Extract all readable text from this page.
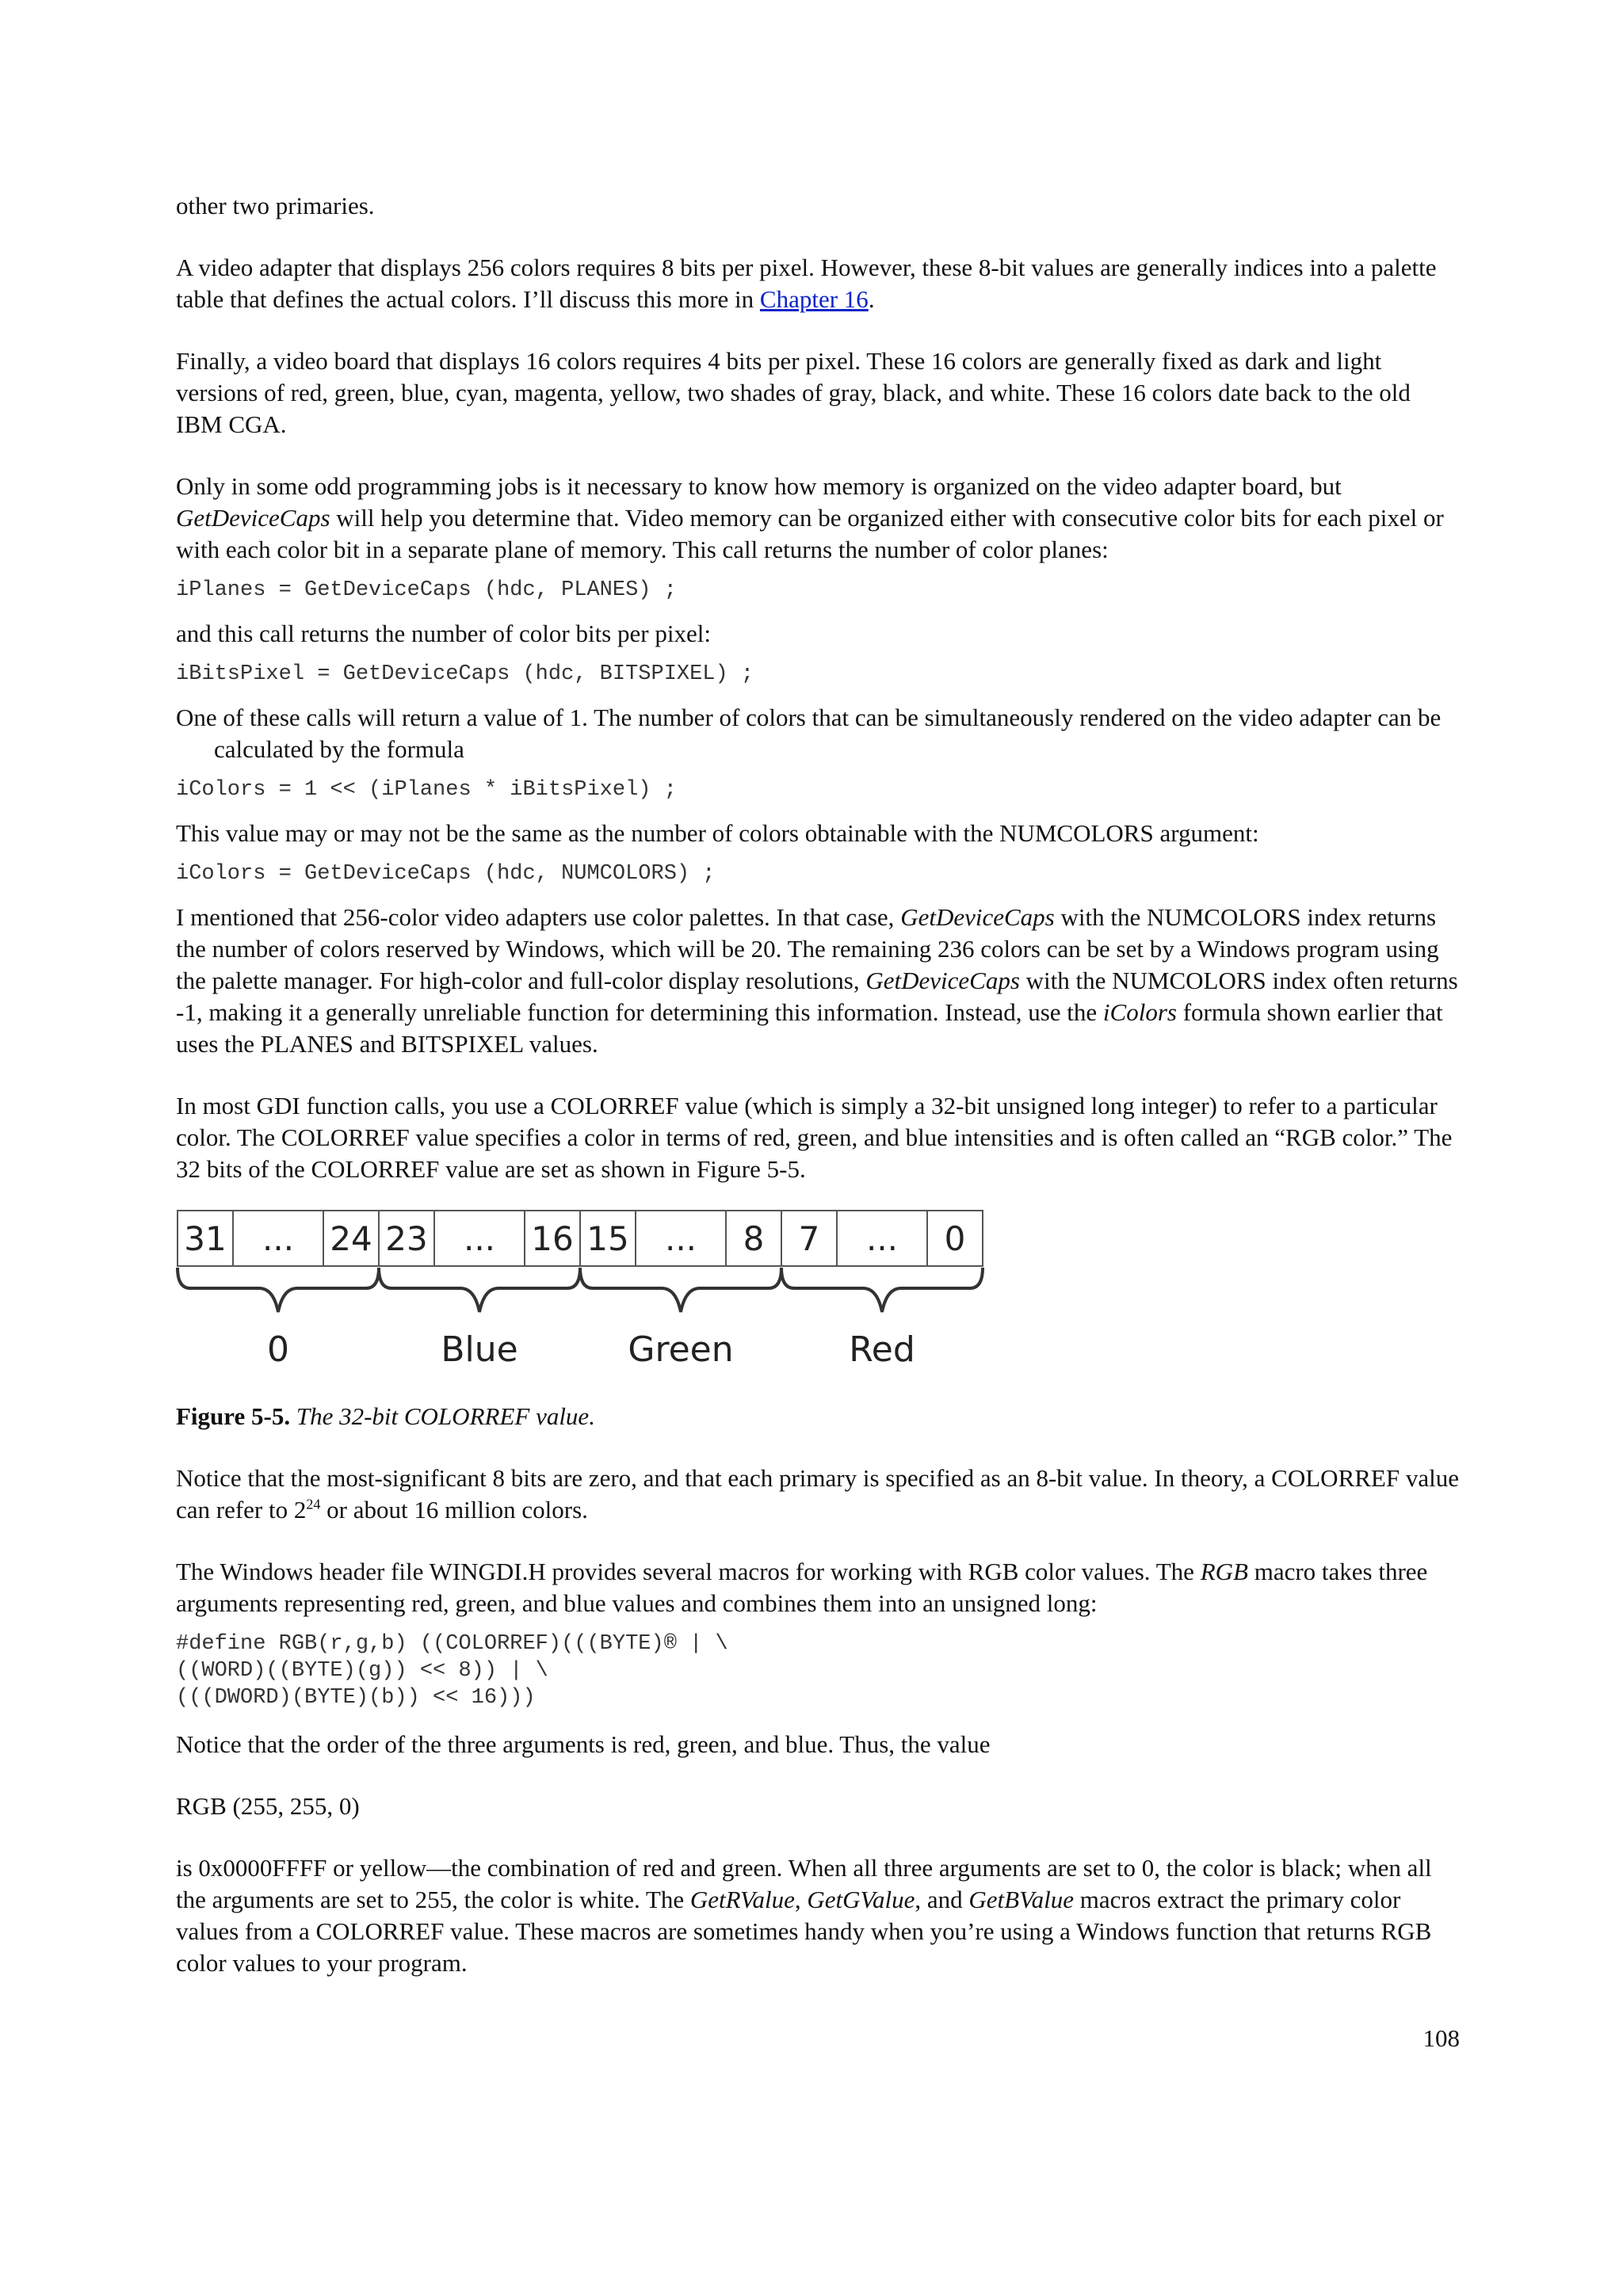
other two primaries.

A video adapter that displays 256 colors requires 8 bits per pixel. However, these 8-bit values are generally indices into a palette table that defines the actual colors. I’ll discuss this more in Chapter 16.

Finally, a video board that displays 16 colors requires 4 bits per pixel. These 16 colors are generally fixed as dark and light versions of red, green, blue, cyan, magenta, yellow, two shades of gray, black, and white. These 16 colors date back to the old IBM CGA.

Only in some odd programming jobs is it necessary to know how memory is organized on the video adapter board, but GetDeviceCaps will help you determine that. Video memory can be organized either with consecutive color bits for each pixel or with each color bit in a separate plane of memory. This call returns the number of color planes:

iPlanes = GetDeviceCaps (hdc, PLANES) ;

and this call returns the number of color bits per pixel:

iBitsPixel = GetDeviceCaps (hdc, BITSPIXEL) ;

One of these calls will return a value of 1. The number of colors that can be simultaneously rendered on the video adapter can be calculated by the formula

iColors = 1 << (iPlanes * iBitsPixel) ;

This value may or may not be the same as the number of colors obtainable with the NUMCOLORS argument:

iColors = GetDeviceCaps (hdc, NUMCOLORS) ;

I mentioned that 256-color video adapters use color palettes. In that case, GetDeviceCaps with the NUMCOLORS index returns the number of colors reserved by Windows, which will be 20. The remaining 236 colors can be set by a Windows program using the palette manager. For high-color and full-color display resolutions, GetDeviceCaps with the NUMCOLORS index often returns -1, making it a generally unreliable function for determining this information. Instead, use the iColors formula shown earlier that uses the PLANES and BITSPIXEL values.

In most GDI function calls, you use a COLORREF value (which is simply a 32-bit unsigned long integer) to refer to a particular color. The COLORREF value specifies a color in terms of red, green, and blue intensities and is often called an “RGB color.” The 32 bits of the COLORREF value are set as shown in Figure 5-5.

31 ... 24 23 ... 16 15 ... 8 7 ... 0
0	Blue	Green	Red

Figure 5-5. The 32-bit COLORREF value.

Notice that the most-significant 8 bits are zero, and that each primary is specified as an 8-bit value. In theory, a COLORREF value can refer to $2^{24}$ or about 16 million colors.

The Windows header file WINGDI.H provides several macros for working with RGB color values. The RGB macro takes three arguments representing red, green, and blue values and combines them into an unsigned long:

#define RGB(r,g,b) ((COLORREF)(((BYTE)® | \
((WORD)((BYTE)(g)) << 8)) | \
(((DWORD)(BYTE)(b)) << 16)))

Notice that the order of the three arguments is red, green, and blue. Thus, the value

RGB (255, 255, 0)

is 0x0000FFFF or yellow—the combination of red and green. When all three arguments are set to 0, the color is black; when all the arguments are set to 255, the color is white. The GetRValue, GetGValue, and GetBValue macros extract the primary color values from a COLORREF value. These macros are sometimes handy when you’re using a Windows function that returns RGB color values to your program.

108
